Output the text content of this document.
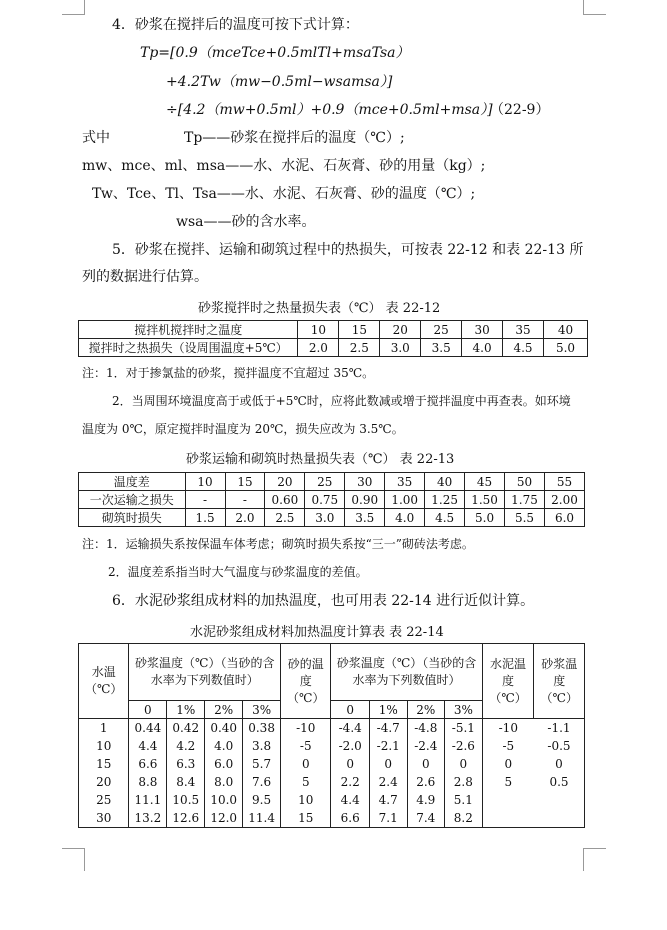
4．砂浆在搅拌后的温度可按下式计算：
Tp=[0.9（mceTce+0.5mlTl+msaTsa）
+4.2Tw（mw−0.5ml−wsamsa）]
÷[4.2（mw+0.5ml）+0.9（mce+0.5ml+msa）]
（22-9）
式中	Tp——砂浆在搅拌后的温度（℃）;
mw、mce、ml、msa——水、水泥、石灰膏、砂的用量（kg）;
Tw、Tce、Tl、Tsa——水、水泥、石灰膏、砂的温度（℃）;
wsa——砂的含水率。
5．砂浆在搅拌、运输和砌筑过程中的热损失，可按表 22-12 和表 22-13 所
列的数据进行估算。
砂浆搅拌时之热量损失表（℃） 表 22-12
搅拌机搅拌时之温度	10	15	20	25	30	35	40
搅拌时之热损失（设周围温度+5℃）	2.0	2.5	3.0	3.5	4.0	4.5	5.0
注：1．对于掺氯盐的砂浆，搅拌温度不宜超过 35℃。
2．当周围环境温度高于或低于+5℃时，应将此数减或增于搅拌温度中再查表。如环境
温度为 0℃，原定搅拌时温度为 20℃，损失应改为 3.5℃。
砂浆运输和砌筑时热量损失表（℃） 表 22-13
温度差	10	15	20	25	30	35	40	45	50	55
一次运输之损失	-	-	0.60	0.75	0.90	1.00	1.25	1.50	1.75	2.00
砌筑时损失	1.5	2.0	2.5	3.0	3.5	4.0	4.5	5.0	5.5	6.0
注：1．运输损失系按保温车体考虑；砌筑时损失系按“三一”砌砖法考虑。
2．温度差系指当时大气温度与砂浆温度的差值。
6．水泥砂浆组成材料的加热温度，也可用表 22-14 进行近似计算。
水泥砂浆组成材料加热温度计算表 表 22-14
水温（℃）	砂浆温度（℃）（当砂的含水率为下列数值时）				砂的温度（℃）	砂浆温度（℃）（当砂的含水率为下列数值时）				水泥温度（℃）	砂浆温度（℃）
	0	1%	2%	3%		0	1%	2%	3%		
1	0.44	0.42	0.40	0.38	-10	-4.4	-4.7	-4.8	-5.1	-10	-1.1
10	4.4	4.2	4.0	3.8	-5	-2.0	-2.1	-2.4	-2.6	-5	-0.5
15	6.6	6.3	6.0	5.7	0	0	0	0	0	0	0
20	8.8	8.4	8.0	7.6	5	2.2	2.4	2.6	2.8	5	0.5
25	11.1	10.5	10.0	9.5	10	4.4	4.7	4.9	5.1		
30	13.2	12.6	12.0	11.4	15	6.6	7.1	7.4	8.2		
